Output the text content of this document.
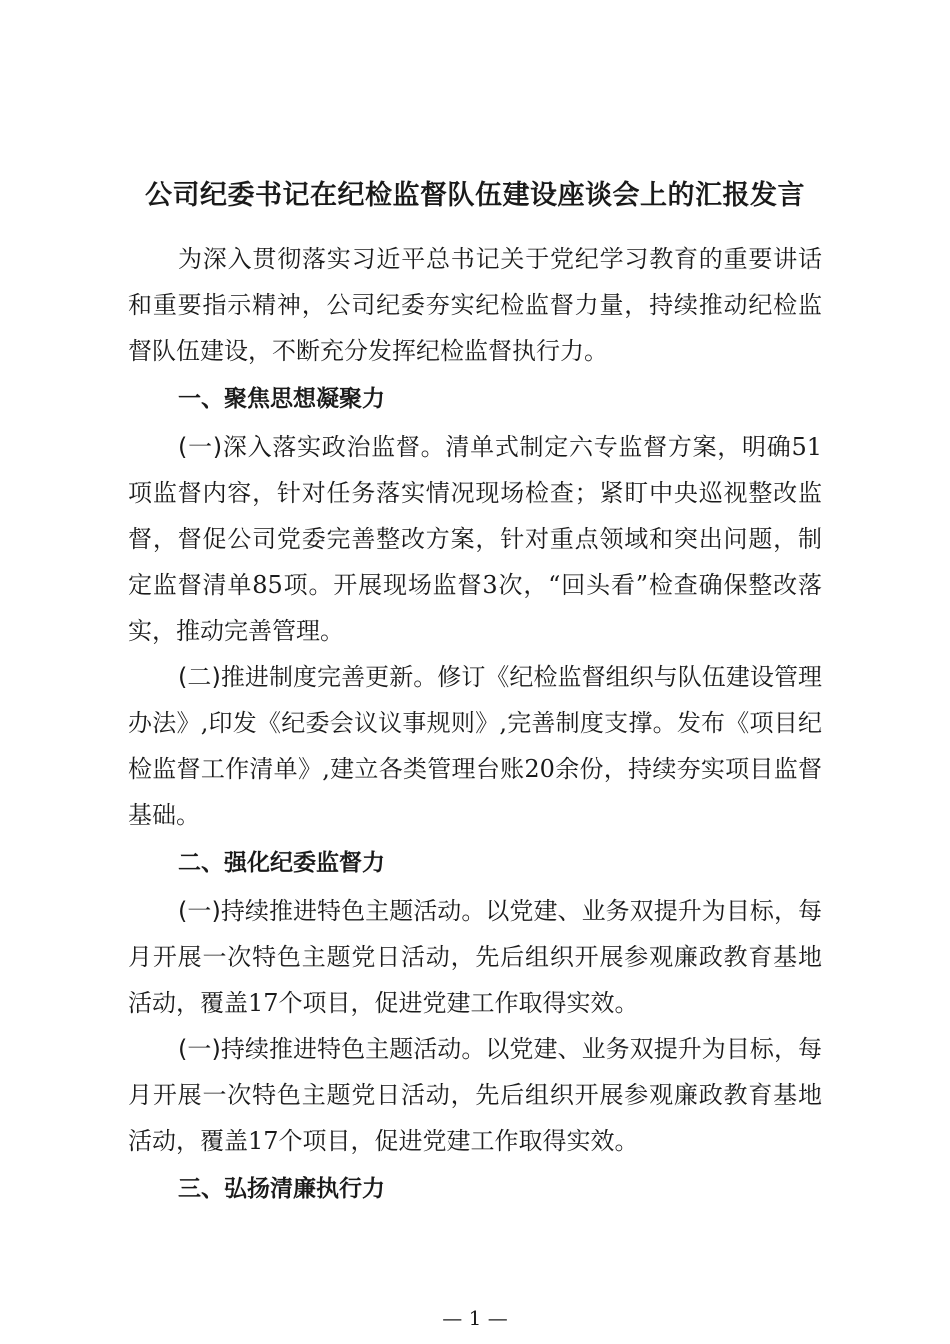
公司纪委书记在纪检监督队伍建设座谈会上的汇报发言

为深入贯彻落实习近平总书记关于党纪学习教育的重要讲话和重要指示精神，公司纪委夯实纪检监督力量，持续推动纪检监督队伍建设，不断充分发挥纪检监督执行力。

一、聚焦思想凝聚力

(一)深入落实政治监督。清单式制定六专监督方案，明确51项监督内容，针对任务落实情况现场检查；紧盯中央巡视整改监督，督促公司党委完善整改方案，针对重点领域和突出问题，制定监督清单85项。开展现场监督3次，“回头看”检查确保整改落实，推动完善管理。

(二)推进制度完善更新。修订《纪检监督组织与队伍建设管理办法》,印发《纪委会议议事规则》,完善制度支撑。发布《项目纪检监督工作清单》,建立各类管理台账20余份，持续夯实项目监督基础。

二、强化纪委监督力

(一)持续推进特色主题活动。以党建、业务双提升为目标，每月开展一次特色主题党日活动，先后组织开展参观廉政教育基地活动，覆盖17个项目，促进党建工作取得实效。

(一)持续推进特色主题活动。以党建、业务双提升为目标，每月开展一次特色主题党日活动，先后组织开展参观廉政教育基地活动，覆盖17个项目，促进党建工作取得实效。

三、弘扬清廉执行力

— 1 —
